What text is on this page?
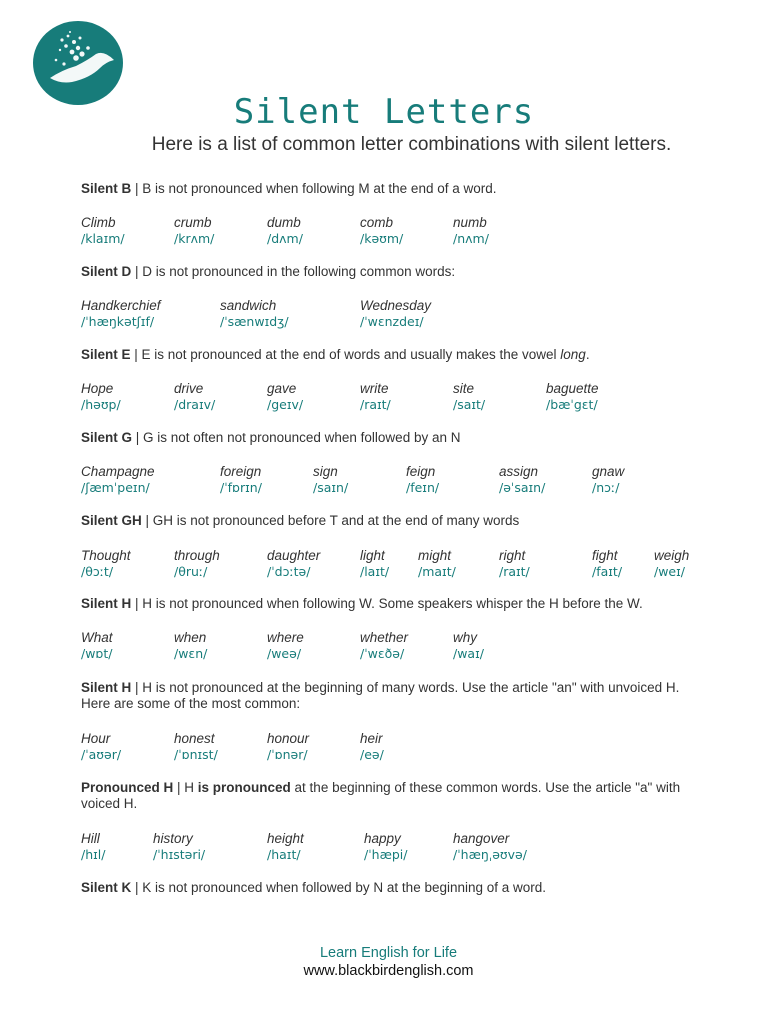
Silent Letters
Here is a list of common letter combinations with silent letters.
Silent B | B is not pronounced when following M at the end of a word.
Climb
/klaɪm/
crumb
/krʌm/
dumb
/dʌm/
comb
/kəʊm/
numb
/nʌm/
Silent D | D is not pronounced in the following common words:
Handkerchief
/ˈhæŋkətʃɪf/
sandwich
/ˈsænwɪdʒ/
Wednesday
/ˈwɛnzdeɪ/
Silent E | E is not pronounced at the end of words and usually makes the vowel long.
Hope
/həʊp/
drive
/draɪv/
gave
/geɪv/
write
/raɪt/
site
/saɪt/
baguette
/bæˈgɛt/
Silent G | G is not often not pronounced when followed by an N
Champagne
/ʃæmˈpeɪn/
foreign
/ˈfɒrɪn/
sign
/saɪn/
feign
/feɪn/
assign
/əˈsaɪn/
gnaw
/nɔː/
Silent GH | GH is not pronounced before T and at the end of many words
Thought
/θɔːt/
through
/θruː/
daughter
/ˈdɔːtə/
light
/laɪt/
might
/maɪt/
right
/raɪt/
fight
/faɪt/
weigh
/weɪ/
Silent H | H is not pronounced when following W. Some speakers whisper the H before the W.
What
/wɒt/
when
/wɛn/
where
/weə/
whether
/ˈwɛðə/
why
/waɪ/
Silent H | H is not pronounced at the beginning of many words. Use the article "an" with unvoiced H. Here are some of the most common:
Hour
/ˈaʊər/
honest
/ˈɒnɪst/
honour
/ˈɒnər/
heir
/eə/
Pronounced H | H is pronounced at the beginning of these common words. Use the article "a" with voiced H.
Hill
/hɪl/
history
/ˈhɪstəri/
height
/haɪt/
happy
/ˈhæpi/
hangover
/ˈhæŋˌəʊvə/
Silent K | K is not pronounced when followed by N at the beginning of a word.
Learn English for Life
www.blackbirdenglish.com
